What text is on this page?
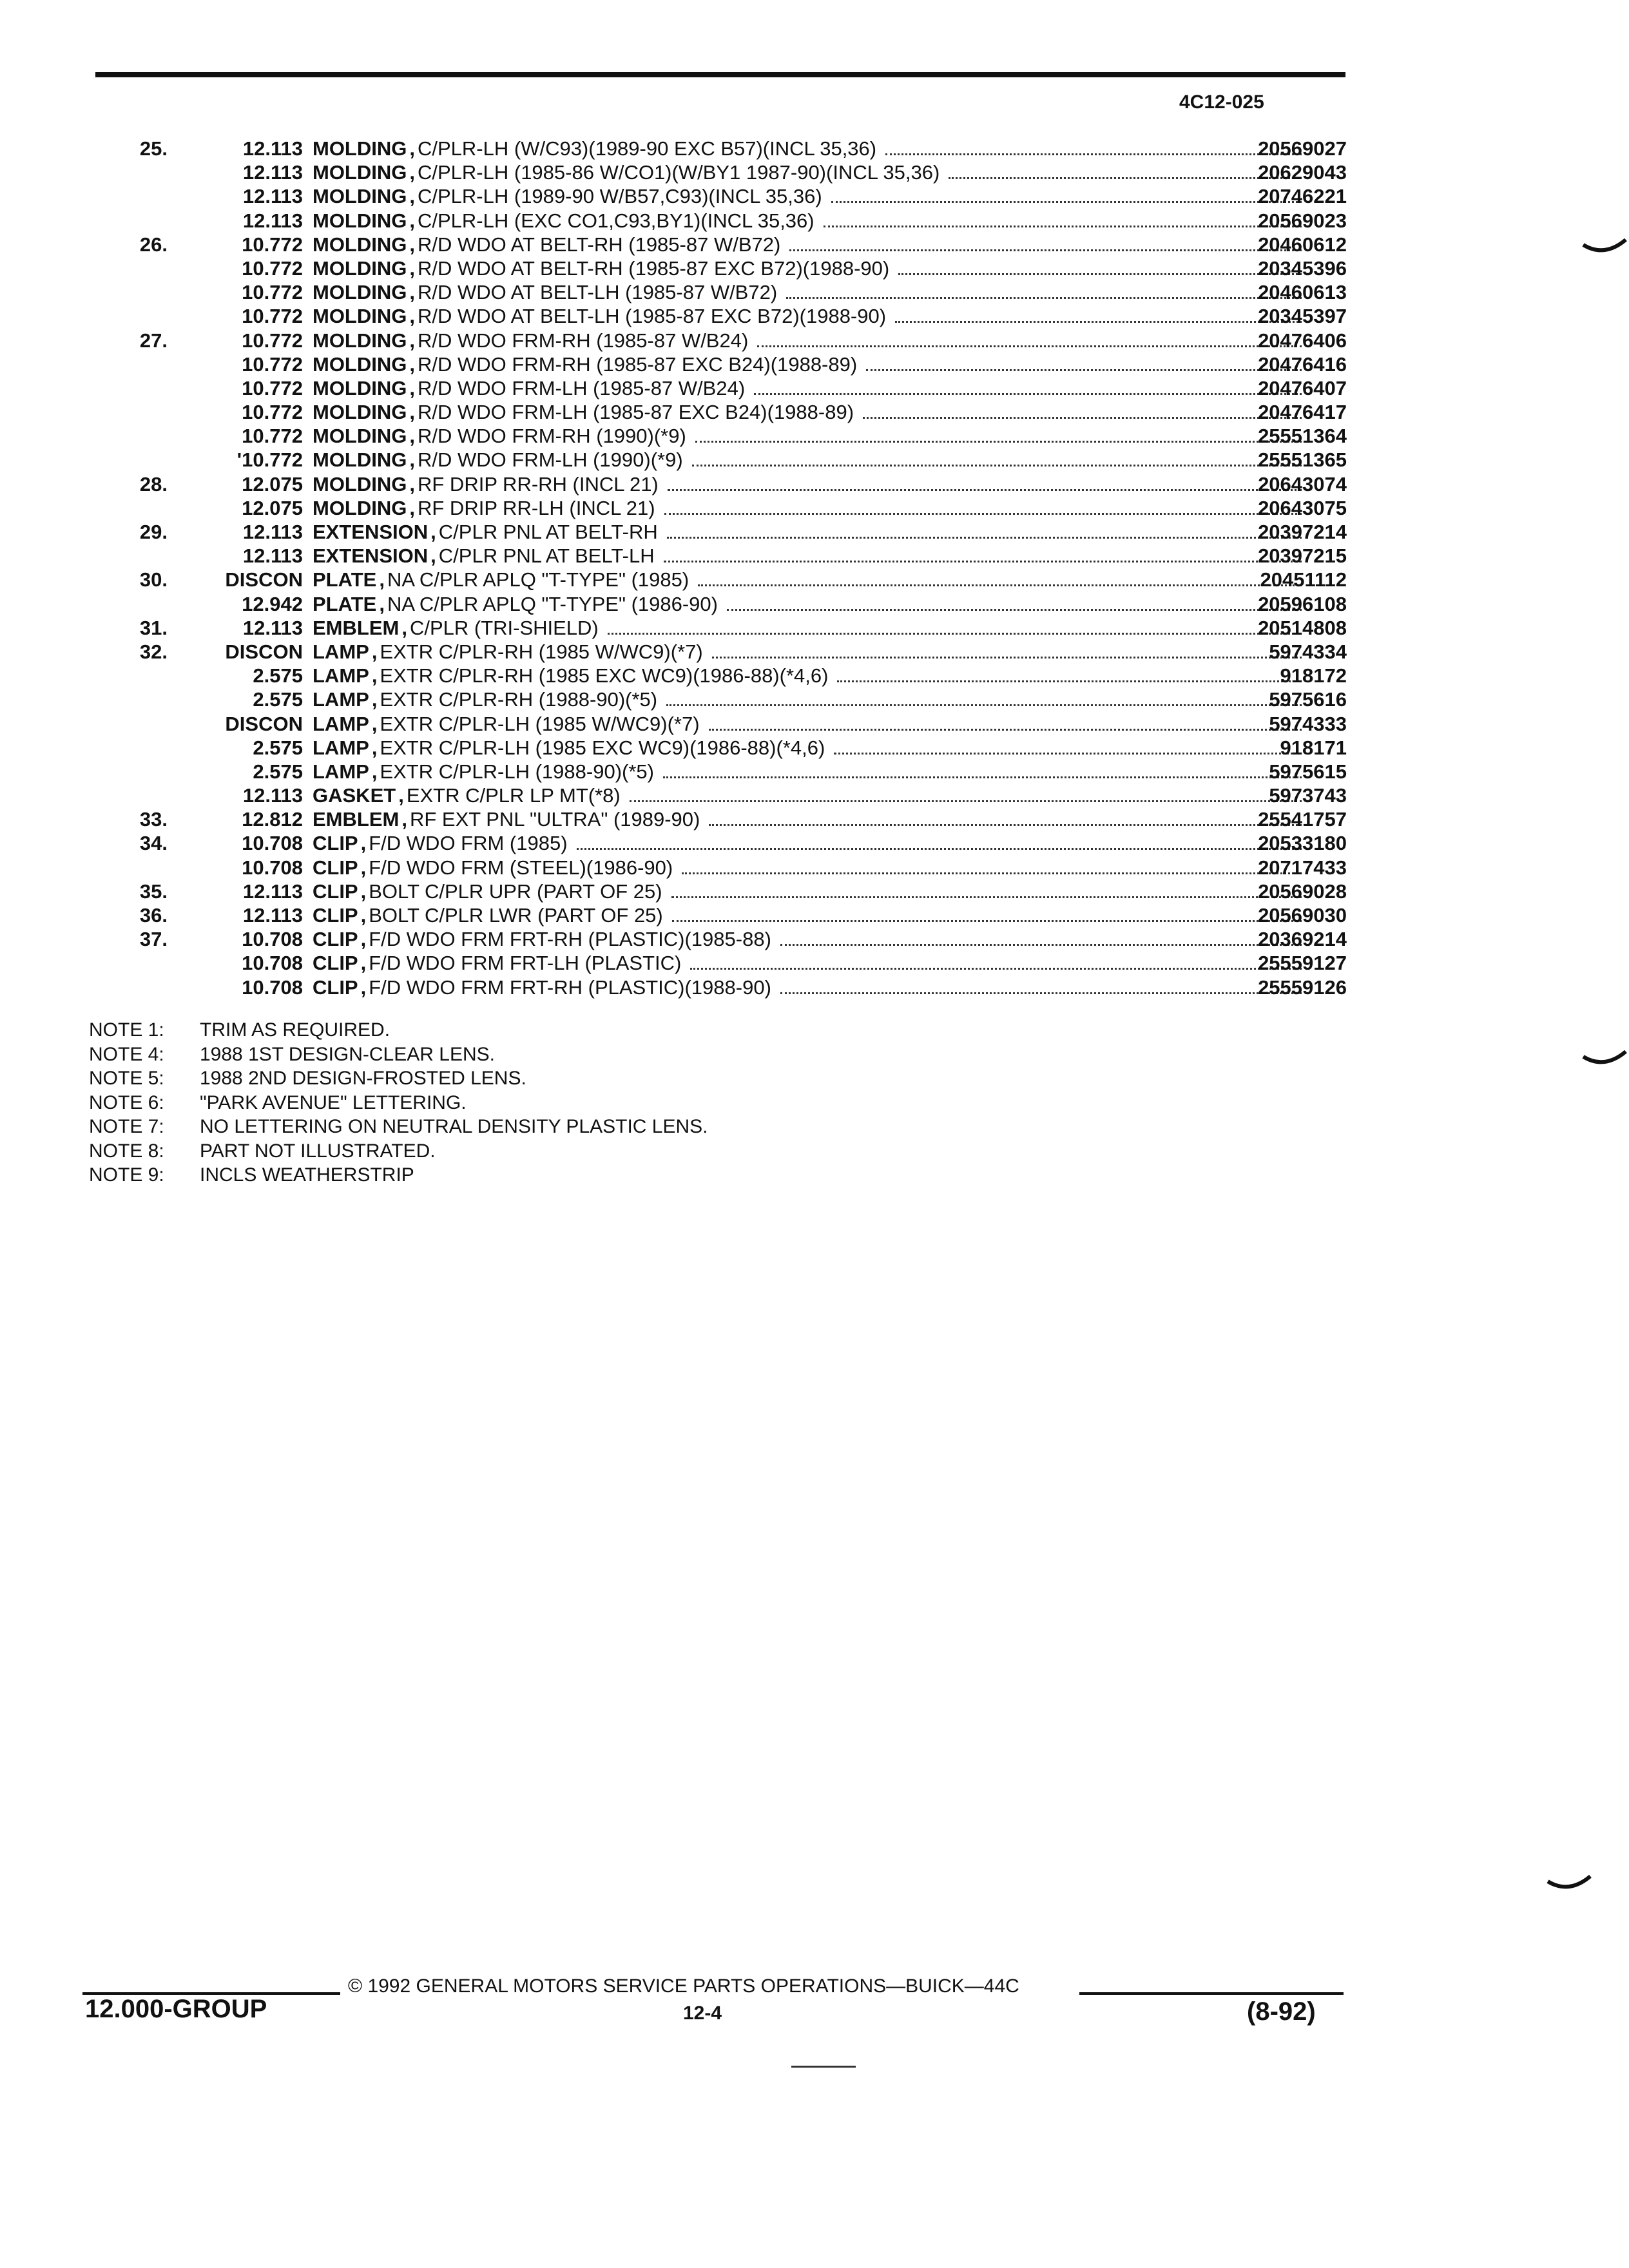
4C12-025
25.	12.113 MOLDING , C/PLR-LH (W/C93)(1989-90 EXC B57)(INCL 35,36)	20569027
12.113 MOLDING , C/PLR-LH (1985-86 W/CO1)(W/BY1 1987-90)(INCL 35,36)	20629043
12.113 MOLDING , C/PLR-LH (1989-90 W/B57,C93)(INCL 35,36)	20746221
12.113 MOLDING , C/PLR-LH (EXC CO1,C93,BY1)(INCL 35,36)	20569023
26.	10.772 MOLDING , R/D WDO AT BELT-RH (1985-87 W/B72)	20460612
10.772 MOLDING , R/D WDO AT BELT-RH (1985-87 EXC B72)(1988-90)	20345396
10.772 MOLDING , R/D WDO AT BELT-LH (1985-87 W/B72)	20460613
10.772 MOLDING , R/D WDO AT BELT-LH (1985-87 EXC B72)(1988-90)	20345397
27.	10.772 MOLDING , R/D WDO FRM-RH (1985-87 W/B24)	20476406
10.772 MOLDING , R/D WDO FRM-RH (1985-87 EXC B24)(1988-89)	20476416
10.772 MOLDING , R/D WDO FRM-LH (1985-87 W/B24)	20476407
10.772 MOLDING , R/D WDO FRM-LH (1985-87 EXC B24)(1988-89)	20476417
10.772 MOLDING , R/D WDO FRM-RH (1990)(*9)	25551364
'10.772 MOLDING , R/D WDO FRM-LH (1990)(*9)	25551365
28.	12.075 MOLDING , RF DRIP RR-RH (INCL 21)	20643074
12.075 MOLDING , RF DRIP RR-LH (INCL 21)	20643075
29.	12.113 EXTENSION , C/PLR PNL AT BELT-RH	20397214
12.113 EXTENSION , C/PLR PNL AT BELT-LH	20397215
30.	DISCON PLATE , NA C/PLR APLQ "T-TYPE" (1985)	20451112
12.942 PLATE , NA C/PLR APLQ "T-TYPE" (1986-90)	20596108
31.	12.113 EMBLEM , C/PLR (TRI-SHIELD)	20514808
32.	DISCON LAMP , EXTR C/PLR-RH (1985 W/WC9)(*7)	5974334
2.575 LAMP , EXTR C/PLR-RH (1985 EXC WC9)(1986-88)(*4,6)	918172
2.575 LAMP , EXTR C/PLR-RH (1988-90)(*5)	5975616
DISCON LAMP , EXTR C/PLR-LH (1985 W/WC9)(*7)	5974333
2.575 LAMP , EXTR C/PLR-LH (1985 EXC WC9)(1986-88)(*4,6)	918171
2.575 LAMP , EXTR C/PLR-LH (1988-90)(*5)	5975615
12.113 GASKET , EXTR C/PLR LP MT(*8)	5973743
33.	12.812 EMBLEM , RF EXT PNL "ULTRA" (1989-90)	25541757
34.	10.708 CLIP , F/D WDO FRM (1985)	20533180
10.708 CLIP , F/D WDO FRM (STEEL)(1986-90)	20717433
35.	12.113 CLIP , BOLT C/PLR UPR (PART OF 25)	20569028
36.	12.113 CLIP , BOLT C/PLR LWR (PART OF 25)	20569030
37.	10.708 CLIP , F/D WDO FRM FRT-RH (PLASTIC)(1985-88)	20369214
10.708 CLIP , F/D WDO FRM FRT-LH (PLASTIC)	25559127
10.708 CLIP , F/D WDO FRM FRT-RH (PLASTIC)(1988-90)	25559126
NOTE 1: TRIM AS REQUIRED.
NOTE 4: 1988 1ST DESIGN-CLEAR LENS.
NOTE 5: 1988 2ND DESIGN-FROSTED LENS.
NOTE 6: "PARK AVENUE" LETTERING.
NOTE 7: NO LETTERING ON NEUTRAL DENSITY PLASTIC LENS.
NOTE 8: PART NOT ILLUSTRATED.
NOTE 9: INCLS WEATHERSTRIP
12.000-GROUP
© 1992 GENERAL MOTORS SERVICE PARTS OPERATIONS—BUICK—44C
12-4	(8-92)
